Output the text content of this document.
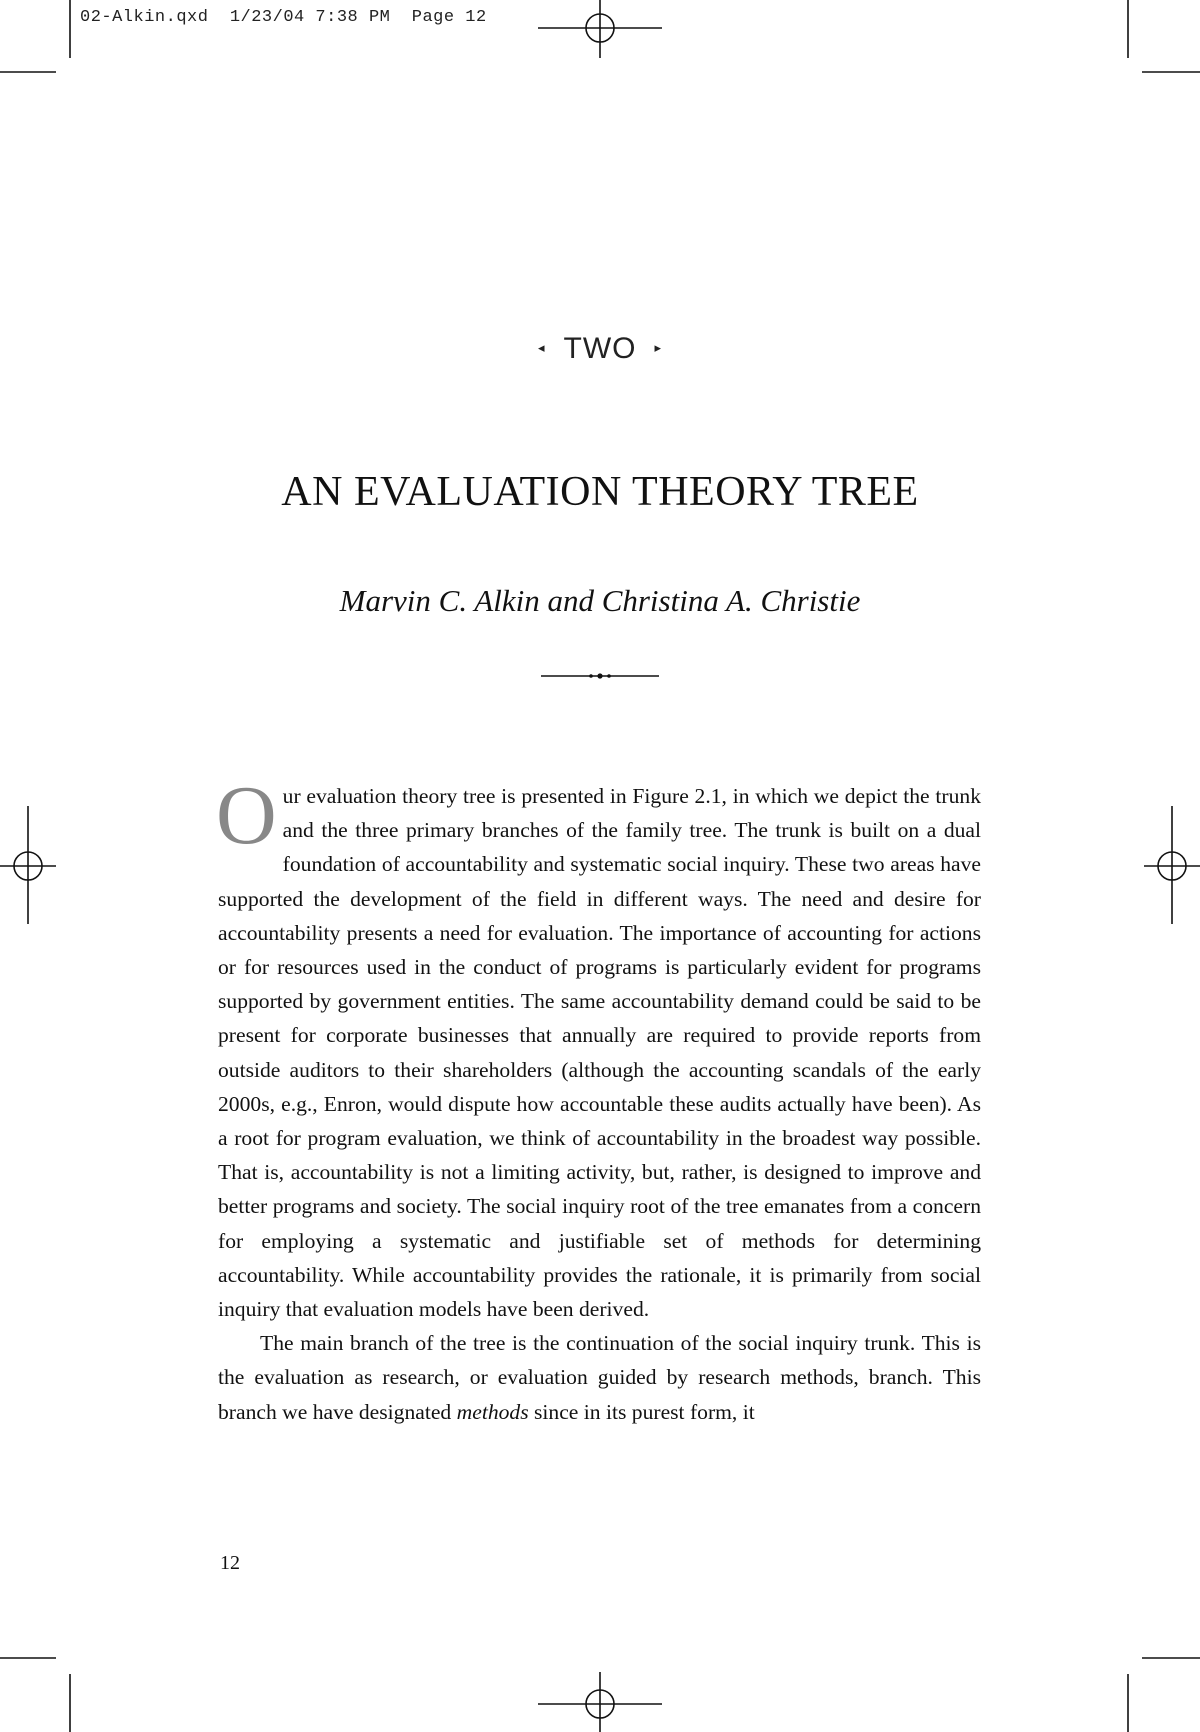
02-Alkin.qxd  1/23/04 7:38 PM  Page 12
◂ TWO ▸
AN EVALUATION THEORY TREE
Marvin C. Alkin and Christina A. Christie

Our evaluation theory tree is presented in Figure 2.1, in which we depict the trunk and the three primary branches of the family tree. The trunk is built on a dual foundation of accountability and systematic social inquiry. These two areas have supported the development of the field in different ways. The need and desire for accountability presents a need for evaluation. The importance of accounting for actions or for resources used in the conduct of programs is particularly evident for programs supported by government entities. The same accountability demand could be said to be present for corporate businesses that annually are required to provide reports from outside auditors to their shareholders (although the accounting scandals of the early 2000s, e.g., Enron, would dispute how accountable these audits actually have been). As a root for program evaluation, we think of accountability in the broadest way possible. That is, accountability is not a limiting activity, but, rather, is designed to improve and better programs and society. The social inquiry root of the tree emanates from a concern for employing a systematic and justifiable set of methods for determining accountability. While accountability provides the rationale, it is primarily from social inquiry that evaluation models have been derived.

The main branch of the tree is the continuation of the social inquiry trunk. This is the evaluation as research, or evaluation guided by research methods, branch. This branch we have designated methods since in its purest form, it

12
